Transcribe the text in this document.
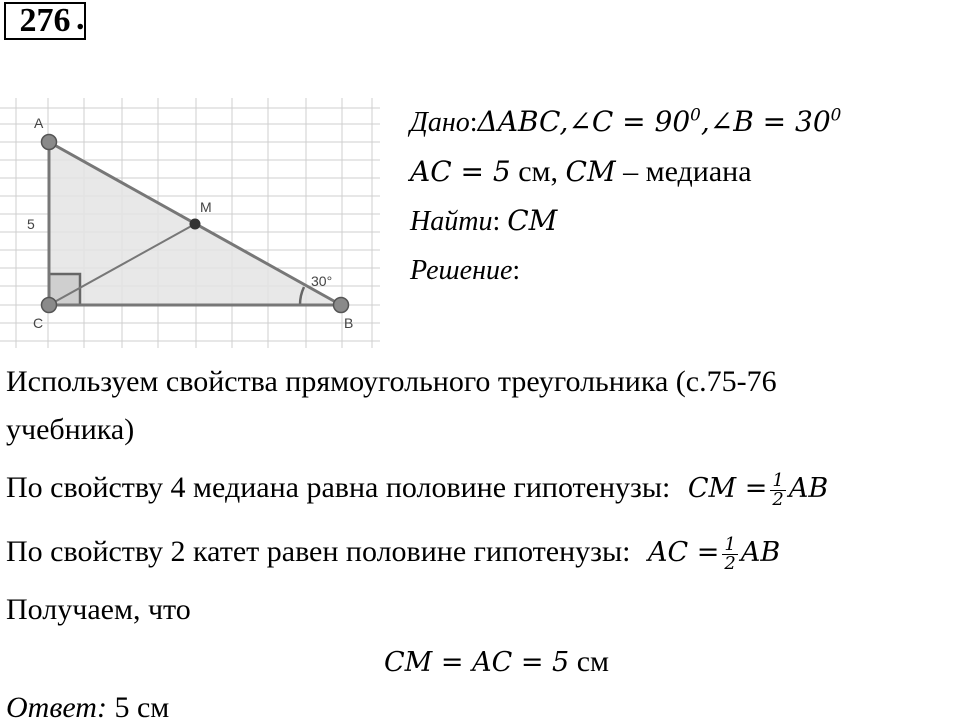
276 .
A
C	B
M
5
30°
Дано:ΔABC,∠C = $90^0,\angle B = 30^0$
AC = 5 см, CM – медиана
Найти: CM
Решение:
Используем свойства прямоугольного треугольника (с.75-76
учебника)
По свойству 4 медиана равна половине гипотенузы: CM = $\frac{1}{2}$ AB
По свойству 2 катет равен половине гипотенузы: AC = $\frac{1}{2}$ AB
Получаем, что
CM = AC = 5 см
Ответ: 5 см
